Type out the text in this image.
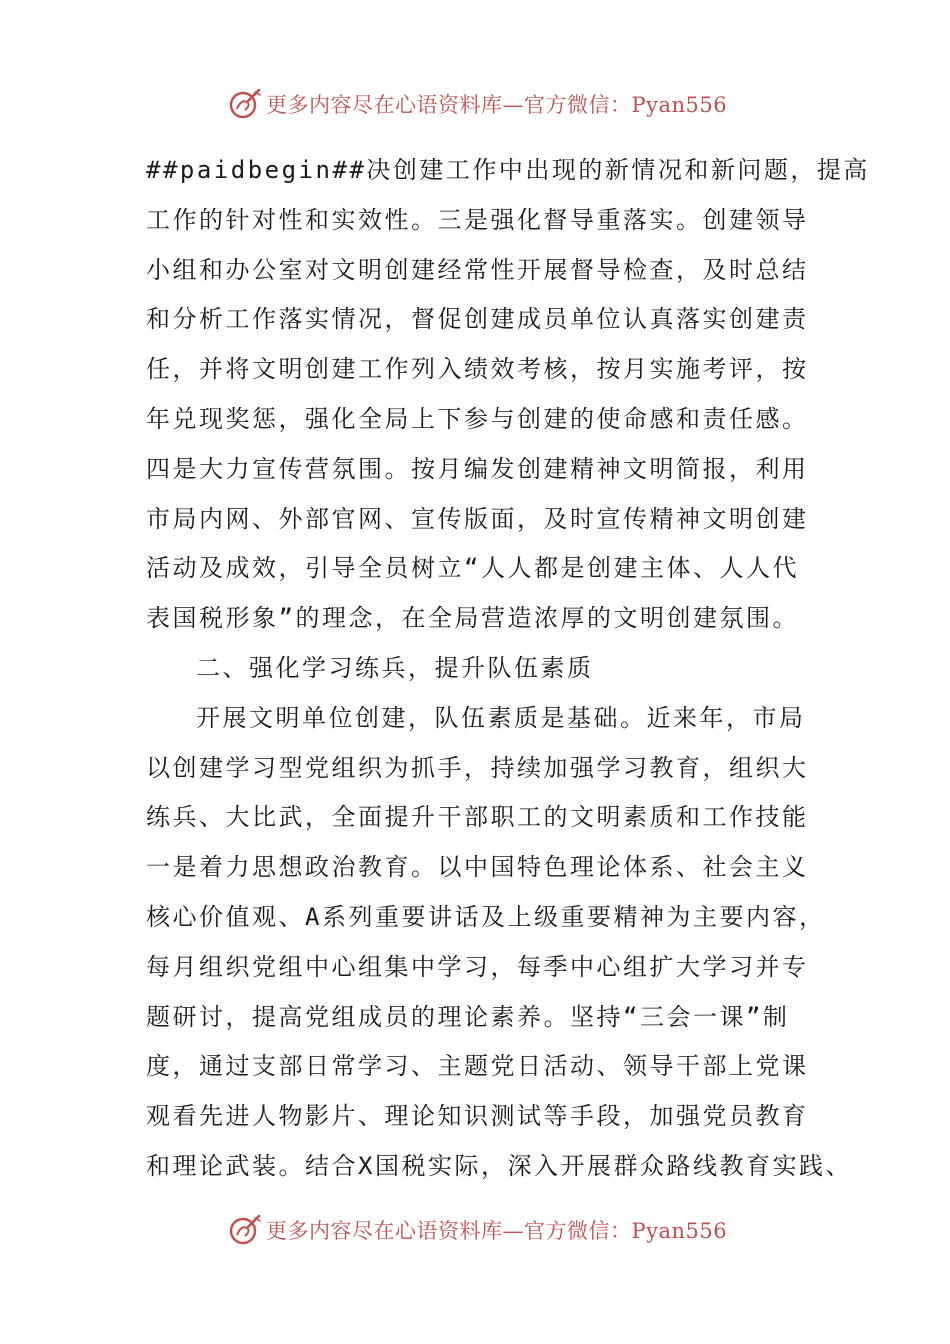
更多内容尽在心语资料库—官方微信：Pyan556
##paidbegin##决创建工作中出现的新情况和新问题，提高
工作的针对性和实效性。三是强化督导重落实。创建领导
小组和办公室对文明创建经常性开展督导检查，及时总结
和分析工作落实情况，督促创建成员单位认真落实创建责
任，并将文明创建工作列入绩效考核，按月实施考评，按
年兑现奖惩，强化全局上下参与创建的使命感和责任感。
四是大力宣传营氛围。按月编发创建精神文明简报，利用
市局内网、外部官网、宣传版面，及时宣传精神文明创建
活动及成效，引导全员树立“人人都是创建主体、人人代
表国税形象”的理念，在全局营造浓厚的文明创建氛围。
二、强化学习练兵，提升队伍素质
开展文明单位创建，队伍素质是基础。近来年，市局
以创建学习型党组织为抓手，持续加强学习教育，组织大
练兵、大比武，全面提升干部职工的文明素质和工作技能
一是着力思想政治教育。以中国特色理论体系、社会主义
核心价值观、A系列重要讲话及上级重要精神为主要内容，
每月组织党组中心组集中学习，每季中心组扩大学习并专
题研讨，提高党组成员的理论素养。坚持“三会一课”制
度，通过支部日常学习、主题党日活动、领导干部上党课
观看先进人物影片、理论知识测试等手段，加强党员教育
和理论武装。结合X国税实际，深入开展群众路线教育实践、
更多内容尽在心语资料库—官方微信：Pyan556
